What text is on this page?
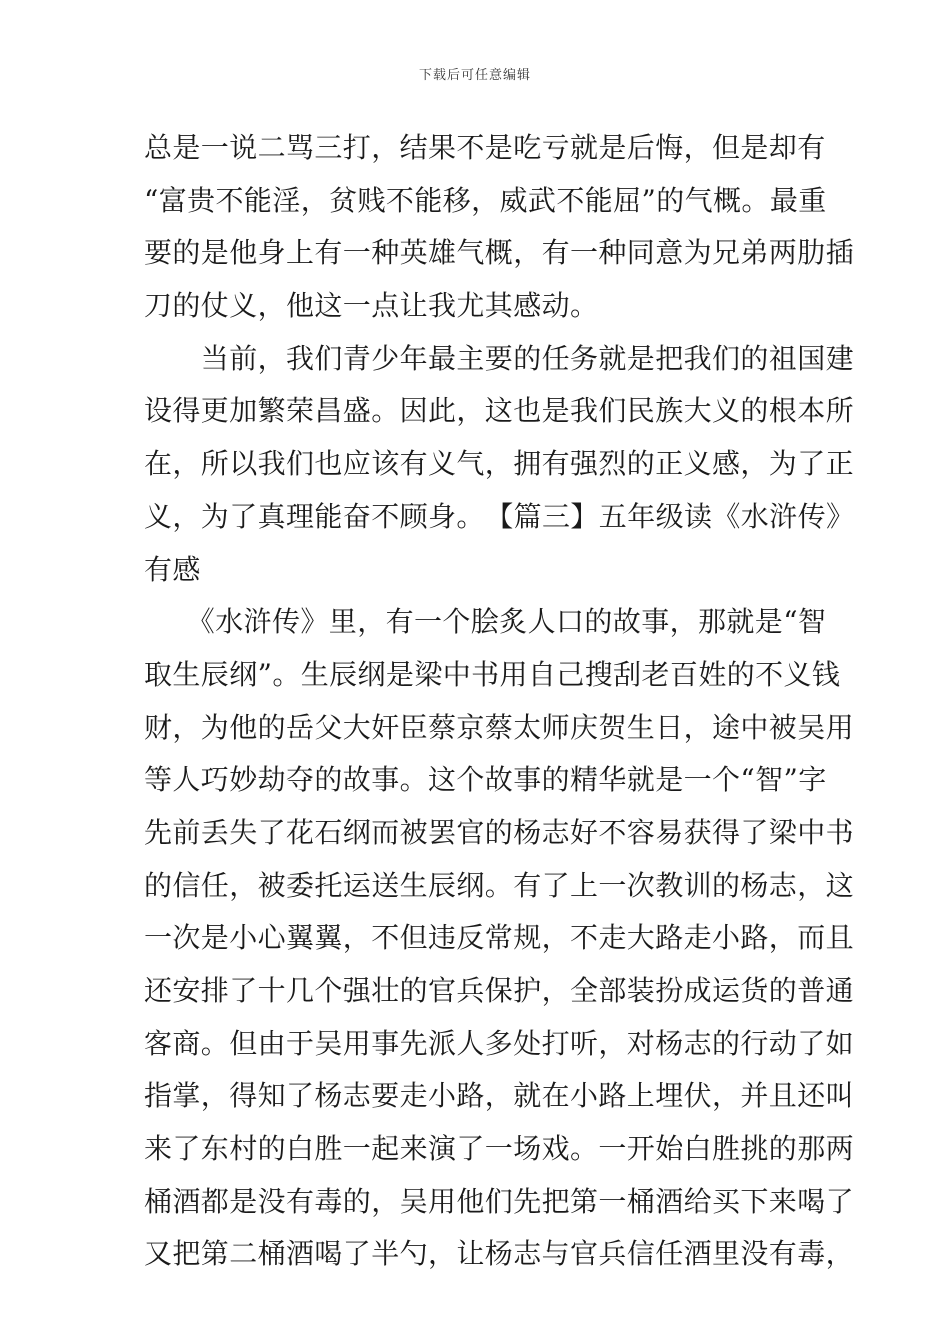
下载后可任意编辑
总是一说二骂三打，结果不是吃亏就是后悔，但是却有
“富贵不能淫，贫贱不能移，威武不能屈”的气概。最重
要的是他身上有一种英雄气概，有一种同意为兄弟两肋插
刀的仗义，他这一点让我尤其感动。
　　当前，我们青少年最主要的任务就是把我们的祖国建
设得更加繁荣昌盛。因此，这也是我们民族大义的根本所
在，所以我们也应该有义气，拥有强烈的正义感，为了正
义，为了真理能奋不顾身。　【篇三】五年级读《水浒传》
有感
　　《水浒传》里，有一个脍炙人口的故事，那就是“智
取生辰纲”。生辰纲是梁中书用自己搜刮老百姓的不义钱
财，为他的岳父大奸臣蔡京蔡太师庆贺生日，途中被吴用
等人巧妙劫夺的故事。这个故事的精华就是一个“智”字
先前丢失了花石纲而被罢官的杨志好不容易获得了梁中书
的信任，被委托运送生辰纲。有了上一次教训的杨志，这
一次是小心翼翼，不但违反常规，不走大路走小路，而且
还安排了十几个强壮的官兵保护，全部装扮成运货的普通
客商。但由于吴用事先派人多处打听，对杨志的行动了如
指掌，得知了杨志要走小路，就在小路上埋伏，并且还叫
来了东村的白胜一起来演了一场戏。一开始白胜挑的那两
桶酒都是没有毒的，吴用他们先把第一桶酒给买下来喝了
又把第二桶酒喝了半勺，让杨志与官兵信任酒里没有毒，
